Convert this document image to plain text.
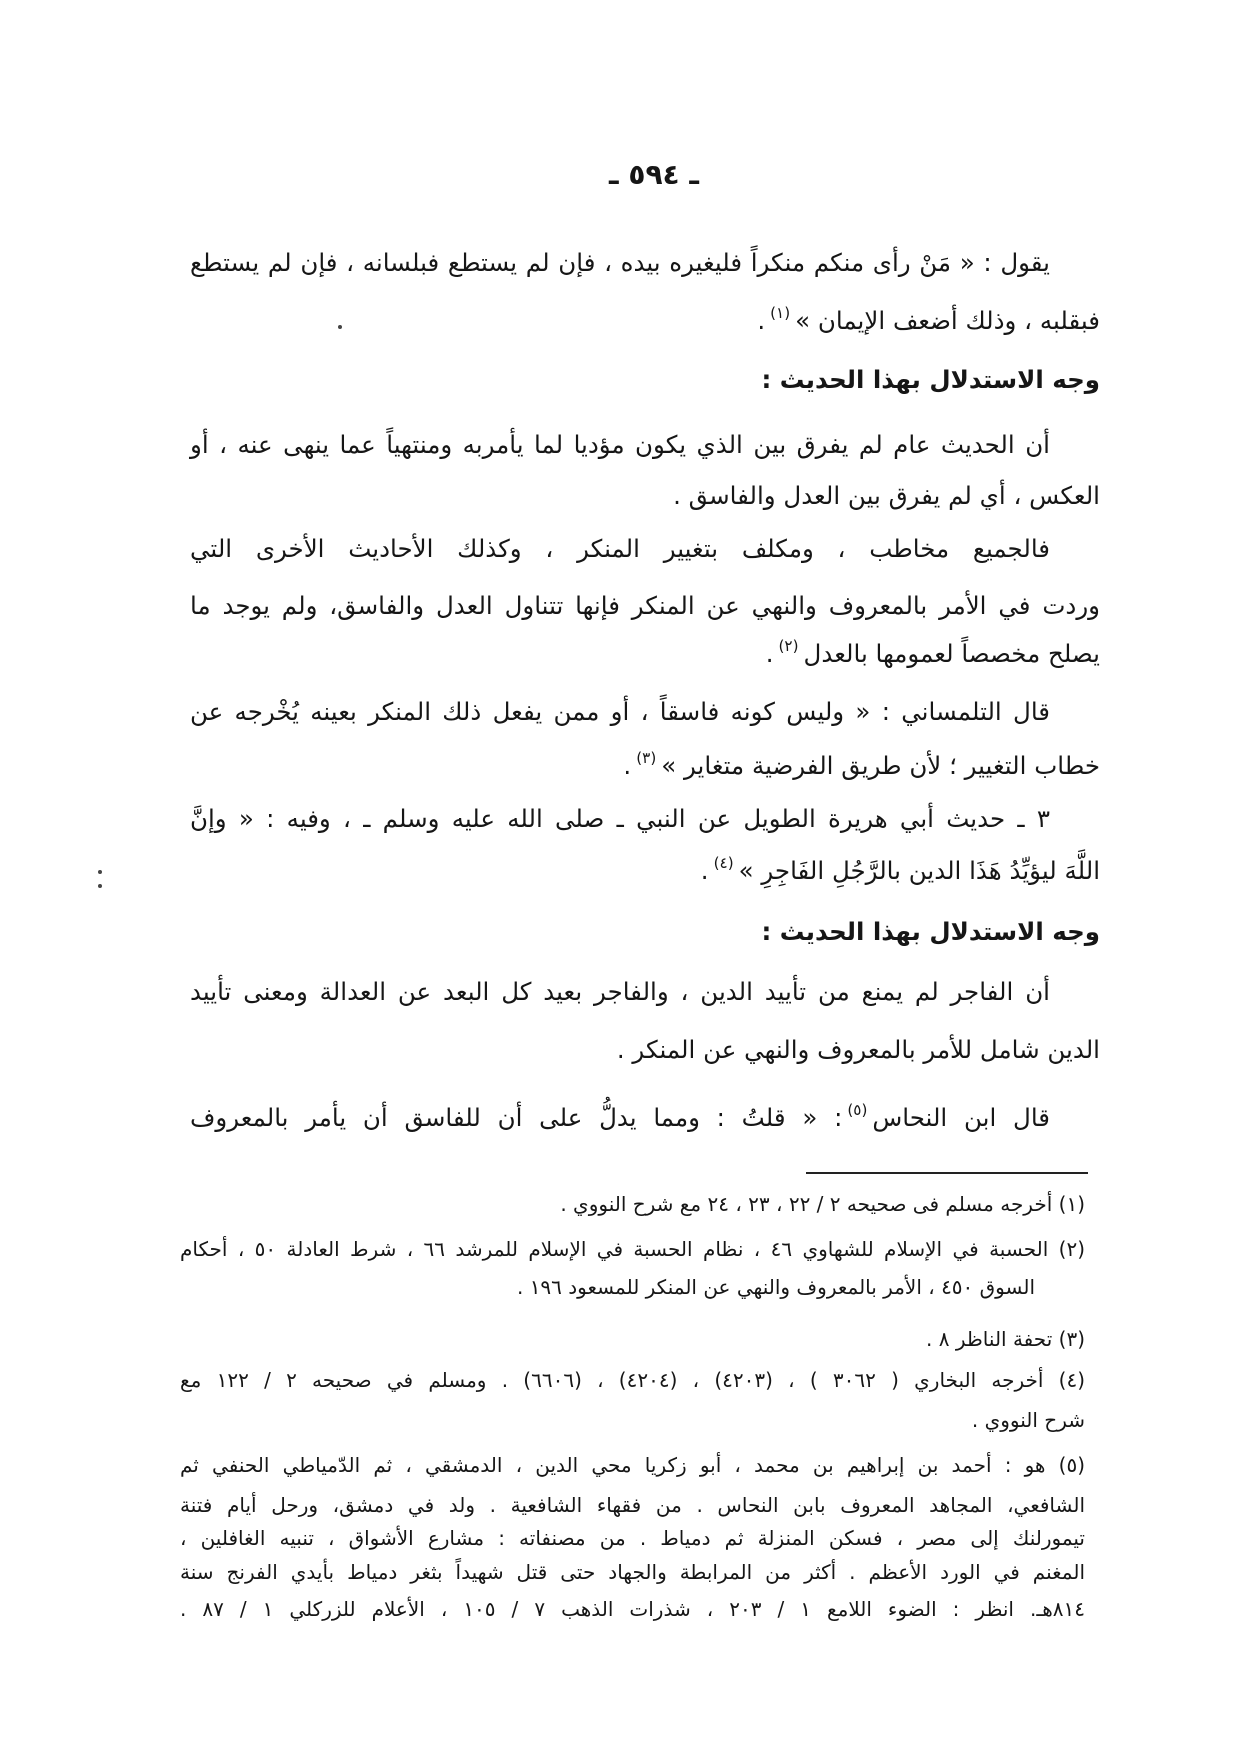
ـ ٥٩٤ ـ
يقول : « مَنْ رأى منكم منكراً فليغيره بيده ، فإن لم يستطع فبلسانه ، فإن لم يستطع
فبقلبه ، وذلك أضعف الإيمان »$^{(١)}$.
وجه الاستدلال بهذا الحديث :
أن الحديث عام لم يفرق بين الذي يكون مؤديا لما يأمربه ومنتهياً عما ينهى عنه ، أو
العكس ، أي لم يفرق بين العدل والفاسق .
فالجميع مخاطب ، ومكلف بتغيير المنكر ، وكذلك الأحاديث الأخرى التي
وردت في الأمر بالمعروف والنهي عن المنكر فإنها تتناول العدل والفاسق، ولم يوجد ما
يصلح مخصصاً لعمومها بالعدل$^{(٢)}$.
قال التلمساني : « وليس كونه فاسقاً ، أو ممن يفعل ذلك المنكر بعينه يُخْرجه عن
خطاب التغيير ؛ لأن طريق الفرضية متغاير »$^{(٣)}$.
٣ ـ حديث أبي هريرة الطويل عن النبي ـ صلى الله عليه وسلم ـ ، وفيه : « وإنَّ
اللَّهَ ليؤيِّدُ هَذَا الدين بالرَّجُلِ الفَاجِرِ »$^{(٤)}$.
وجه الاستدلال بهذا الحديث :
أن الفاجر لم يمنع من تأييد الدين ، والفاجر بعيد كل البعد عن العدالة ومعنى تأييد
الدين شامل للأمر بالمعروف والنهي عن المنكر .
قال ابن النحاس$^{(٥)}$: « قلتُ : ومما يدلُّ على أن للفاسق أن يأمر بالمعروف
(١) أخرجه مسلم فى صحيحه ٢ / ٢٢ ، ٢٣ ، ٢٤ مع شرح النووي .
(٢) الحسبة في الإسلام للشهاوي ٤٦ ، نظام الحسبة في الإسلام للمرشد ٦٦ ، شرط العادلة ٥٠ ، أحكام
السوق ٤٥٠ ، الأمر بالمعروف والنهي عن المنكر للمسعود ١٩٦ .
(٣) تحفة الناظر ٨ .
(٤) أخرجه البخاري ( ٣٠٦٢ ) ، (٤٢٠٣) ، (٤٢٠٤) ، (٦٦٠٦) . ومسلم في صحيحه ٢ / ١٢٢ مع
شرح النووي .
(٥) هو : أحمد بن إبراهيم بن محمد ، أبو زكريا محي الدين ، الدمشقي ، ثم الدّمياطي الحنفي ثم
الشافعي، المجاهد المعروف بابن النحاس . من فقهاء الشافعية . ولد في دمشق، ورحل أيام فتنة
تيمورلنك إلى مصر ، فسكن المنزلة ثم دمياط . من مصنفاته : مشارع الأشواق ، تنبيه الغافلين ،
المغنم في الورد الأعظم . أكثر من المرابطة والجهاد حتى قتل شهيداً بثغر دمياط بأيدي الفرنج سنة
٨١٤هـ. انظر : الضوء اللامع ١ / ٢٠٣ ، شذرات الذهب ٧ / ١٠٥ ، الأعلام للزركلي ١ / ٨٧ .
